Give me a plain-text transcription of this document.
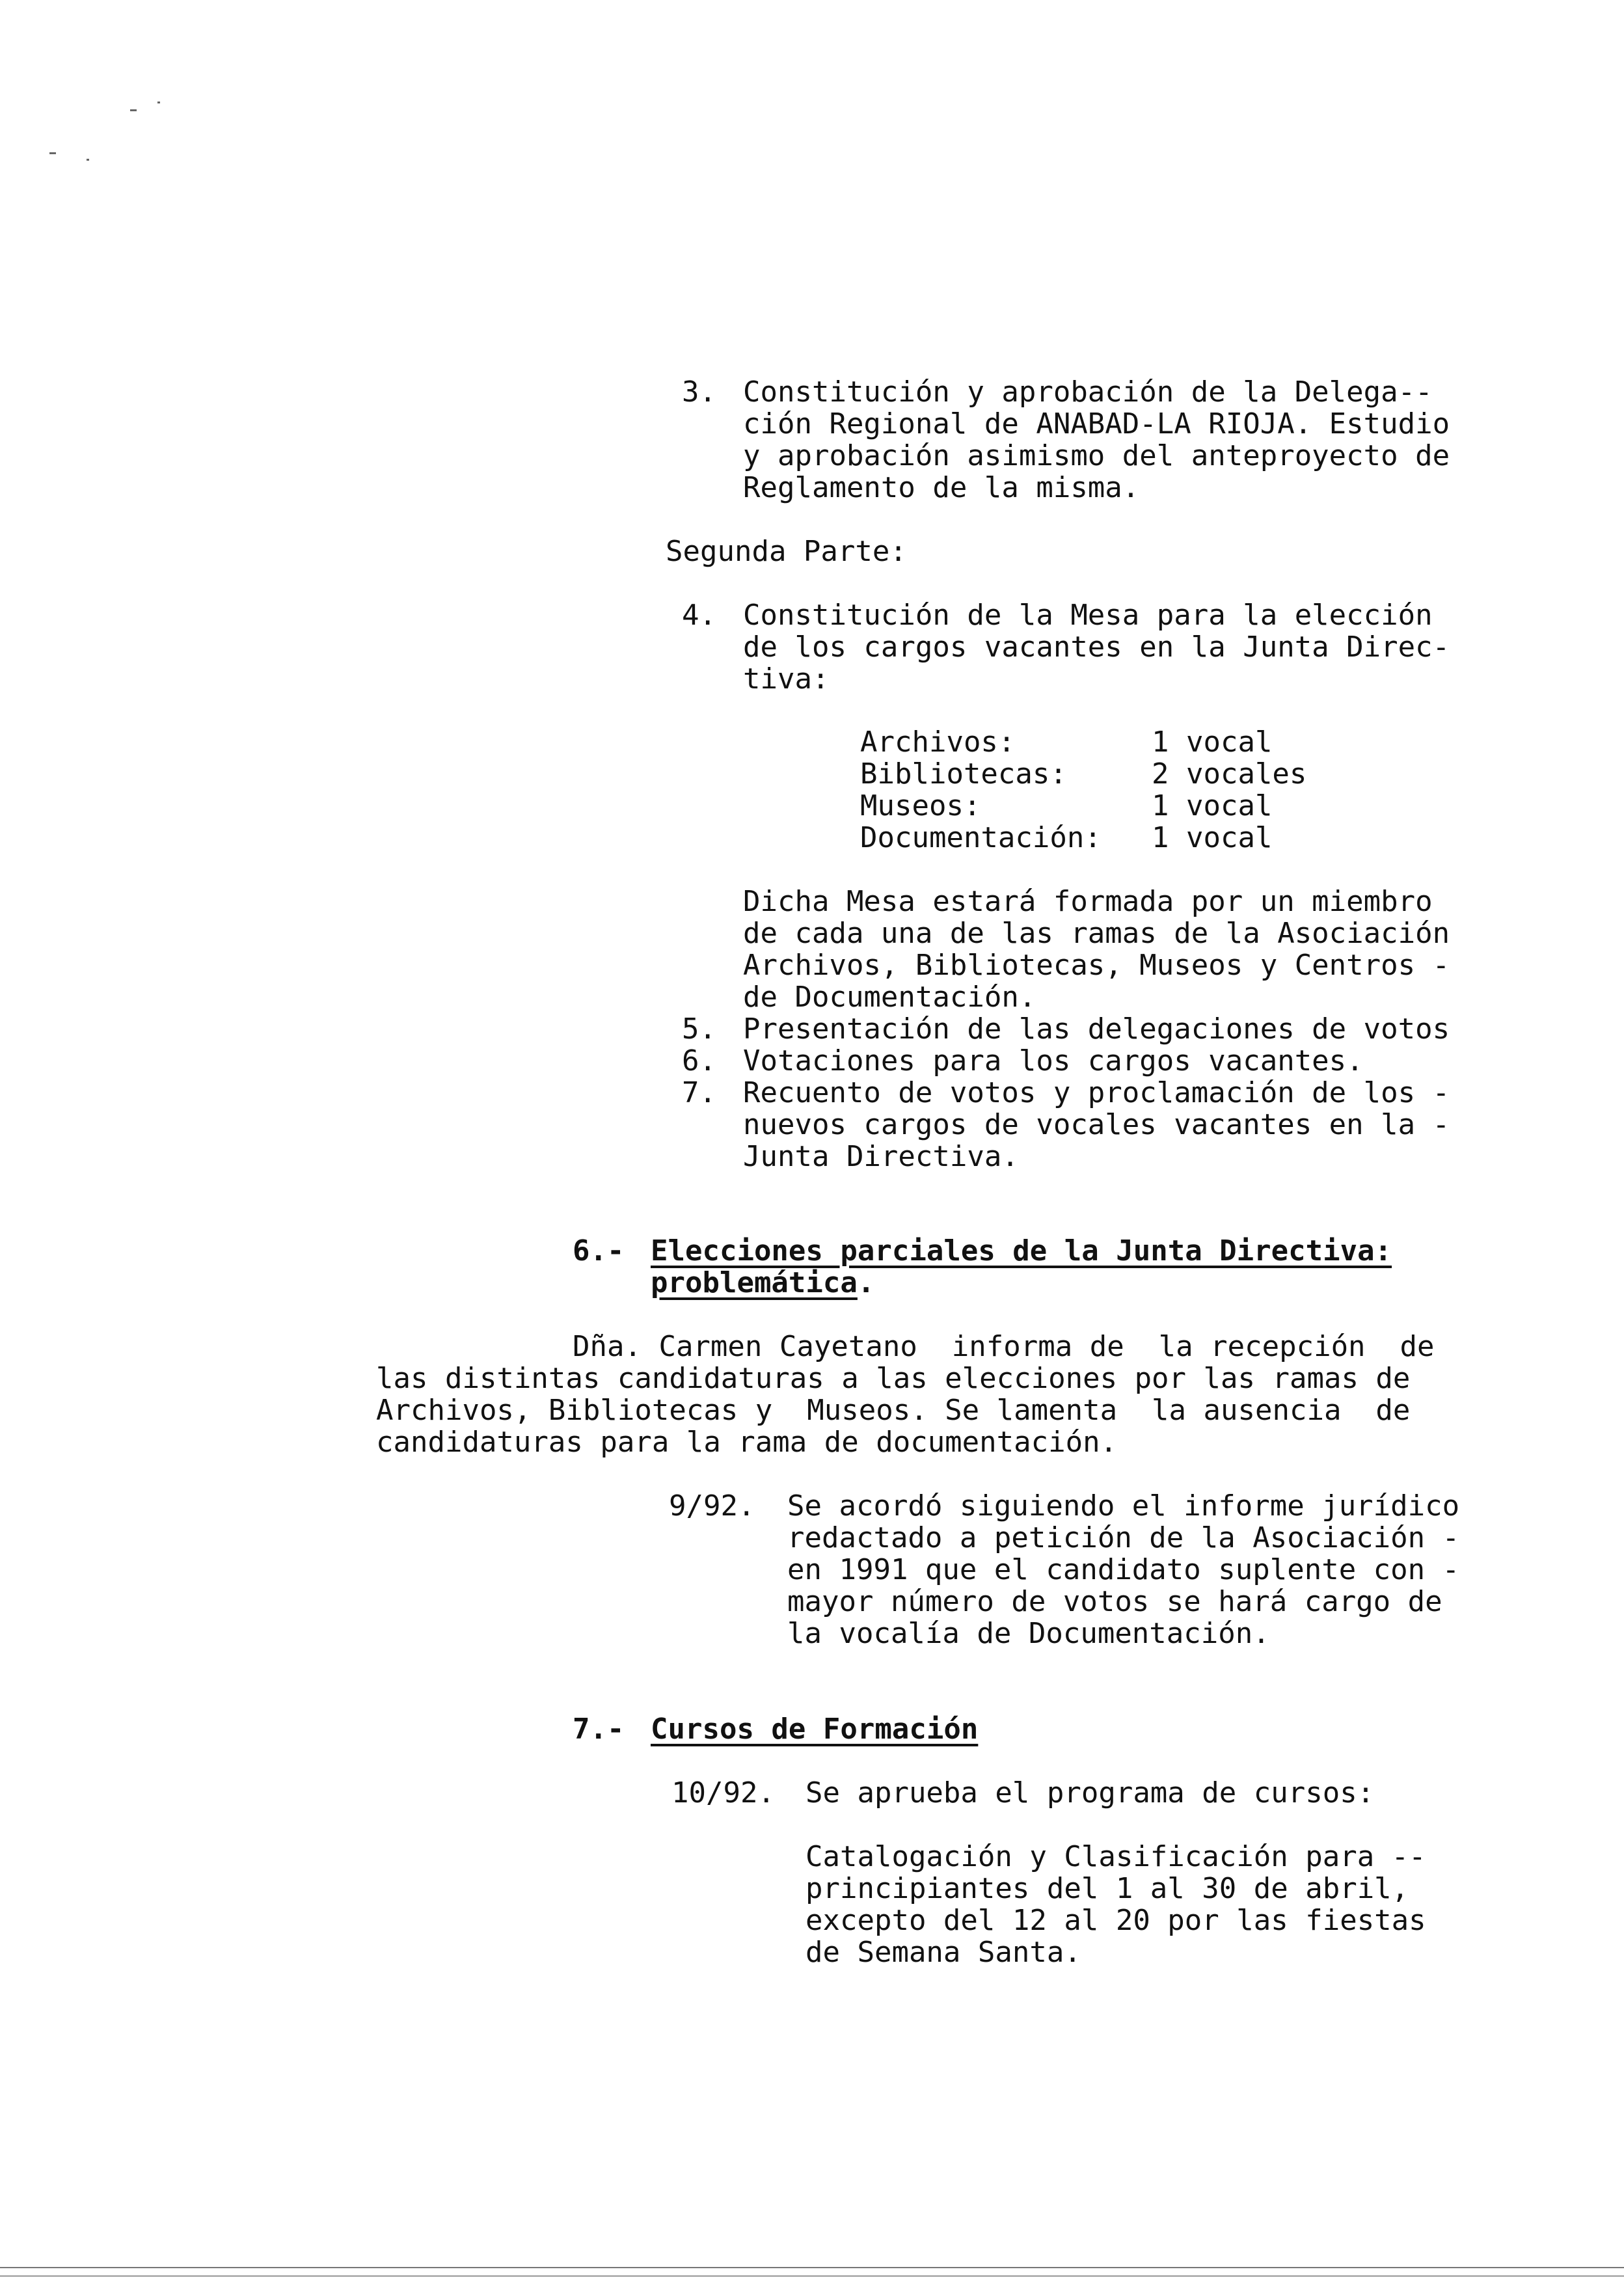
3. Constitución y aprobación de la Delega--
ción Regional de ANABAD-LA RIOJA. Estudio
y aprobación asimismo del anteproyecto de
Reglamento de la misma.
Segunda Parte:
4. Constitución de la Mesa para la elección
de los cargos vacantes en la Junta Direc-
tiva:
Archivos:	1 vocal
Bibliotecas:	2 vocales
Museos:	1 vocal
Documentación: 1 vocal
Dicha Mesa estará formada por un miembro
de cada una de las ramas de la Asociación
Archivos, Bibliotecas, Museos y Centros -
de Documentación.
5. Presentación de las delegaciones de votos
6. Votaciones para los cargos vacantes.
7. Recuento de votos y proclamación de los -
nuevos cargos de vocales vacantes en la -
Junta Directiva.
6.- Elecciones parciales de la Junta Directiva:
problemática.
Dña. Carmen Cayetano  informa de  la recepción  de
las distintas candidaturas a las elecciones por las ramas de
Archivos, Bibliotecas y  Museos. Se lamenta  la ausencia  de
candidaturas para la rama de documentación.
9/92. Se acordó siguiendo el informe jurídico
redactado a petición de la Asociación -
en 1991 que el candidato suplente con -
mayor número de votos se hará cargo de
la vocalía de Documentación.
7.- Cursos de Formación
10/92. Se aprueba el programa de cursos:
Catalogación y Clasificación para --
principiantes del 1 al 30 de abril,
excepto del 12 al 20 por las fiestas
de Semana Santa.
